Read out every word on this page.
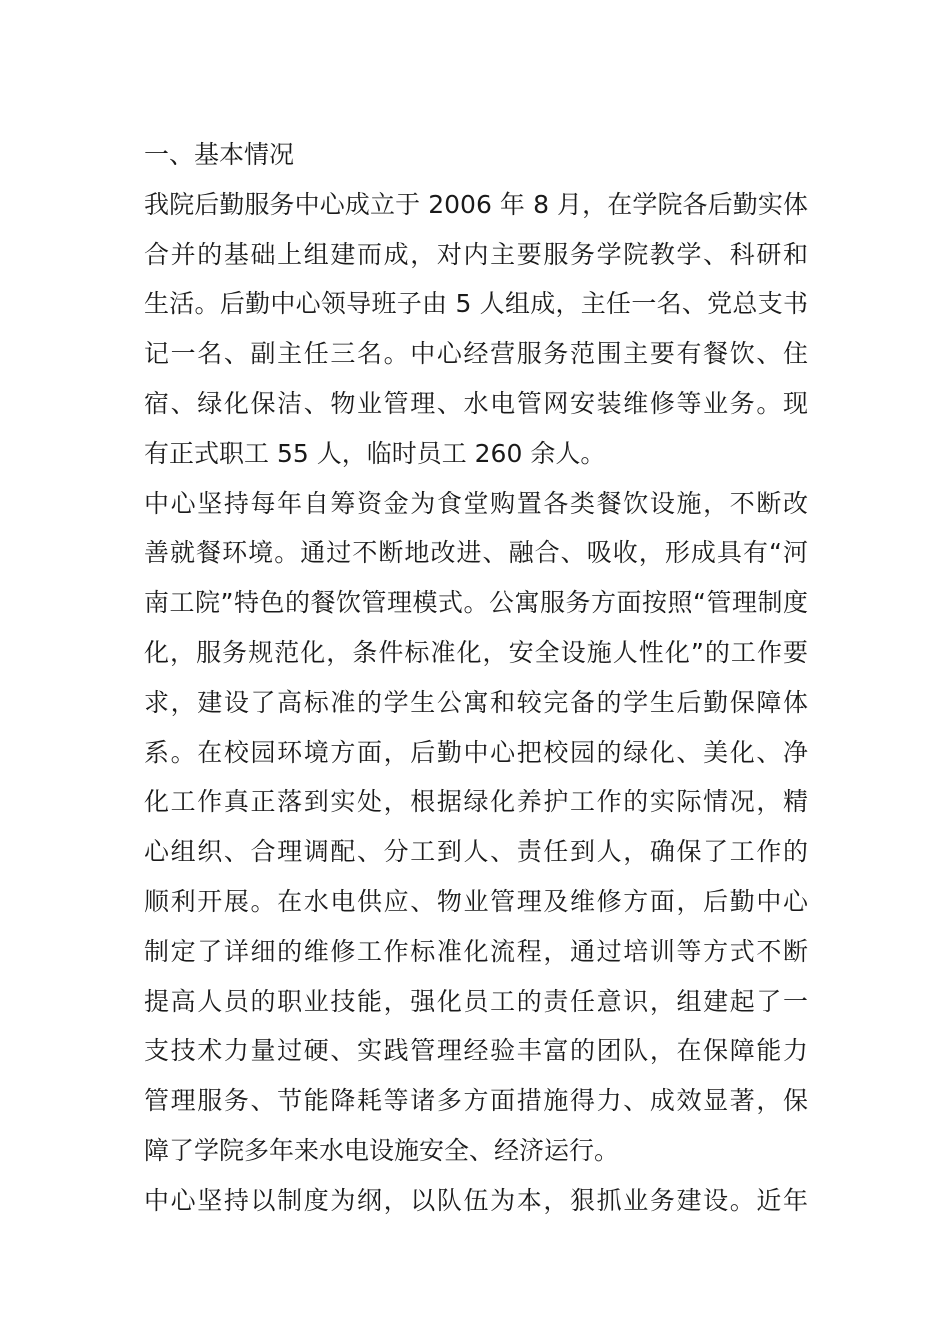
一、基本情况
我院后勤服务中心成立于 2006 年 8 月，在学院各后勤实体
合并的基础上组建而成，对内主要服务学院教学、科研和
生活。后勤中心领导班子由 5 人组成，主任一名、党总支书
记一名、副主任三名。中心经营服务范围主要有餐饮、住
宿、绿化保洁、物业管理、水电管网安装维修等业务。现
有正式职工 55 人，临时员工 260 余人。
中心坚持每年自筹资金为食堂购置各类餐饮设施，不断改
善就餐环境。通过不断地改进、融合、吸收，形成具有“河
南工院”特色的餐饮管理模式。公寓服务方面按照“管理制度
化，服务规范化，条件标准化，安全设施人性化”的工作要
求，建设了高标准的学生公寓和较完备的学生后勤保障体
系。在校园环境方面，后勤中心把校园的绿化、美化、净
化工作真正落到实处，根据绿化养护工作的实际情况，精
心组织、合理调配、分工到人、责任到人，确保了工作的
顺利开展。在水电供应、物业管理及维修方面，后勤中心
制定了详细的维修工作标准化流程，通过培训等方式不断
提高人员的职业技能，强化员工的责任意识，组建起了一
支技术力量过硬、实践管理经验丰富的团队，在保障能力
管理服务、节能降耗等诸多方面措施得力、成效显著，保
障了学院多年来水电设施安全、经济运行。
中心坚持以制度为纲，以队伍为本，狠抓业务建设。近年
